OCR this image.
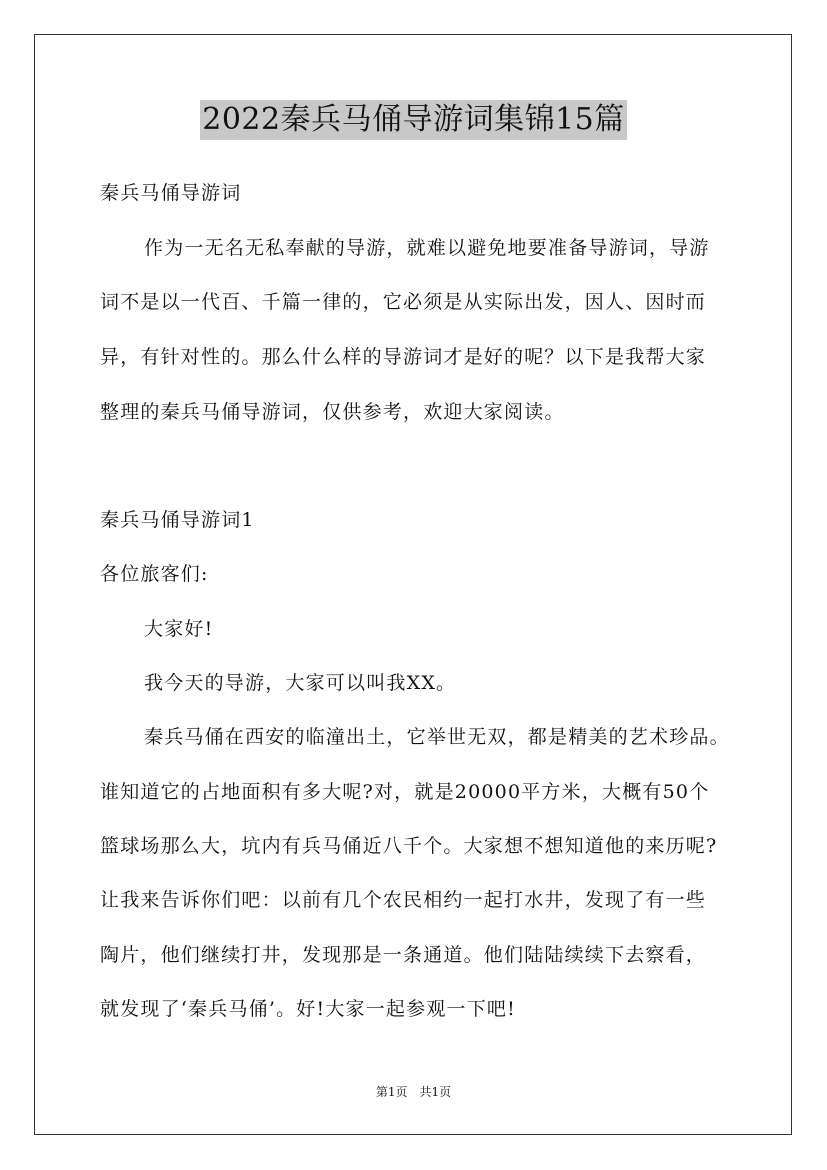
2022秦兵马俑导游词集锦15篇
秦兵马俑导游词
作为一无名无私奉献的导游，就难以避免地要准备导游词，导游
词不是以一代百、千篇一律的，它必须是从实际出发，因人、因时而
异，有针对性的。那么什么样的导游词才是好的呢？以下是我帮大家
整理的秦兵马俑导游词，仅供参考，欢迎大家阅读。
秦兵马俑导游词1
各位旅客们:
大家好!
我今天的导游，大家可以叫我XX。
秦兵马俑在西安的临潼出土，它举世无双，都是精美的艺术珍品。
谁知道它的占地面积有多大呢?对，就是20000平方米，大概有50个
篮球场那么大，坑内有兵马俑近八千个。大家想不想知道他的来历呢?
让我来告诉你们吧：以前有几个农民相约一起打水井，发现了有一些
陶片，他们继续打井，发现那是一条通道。他们陆陆续续下去察看，
就发现了‘秦兵马俑’。好!大家一起参观一下吧!
第1页　共1页
